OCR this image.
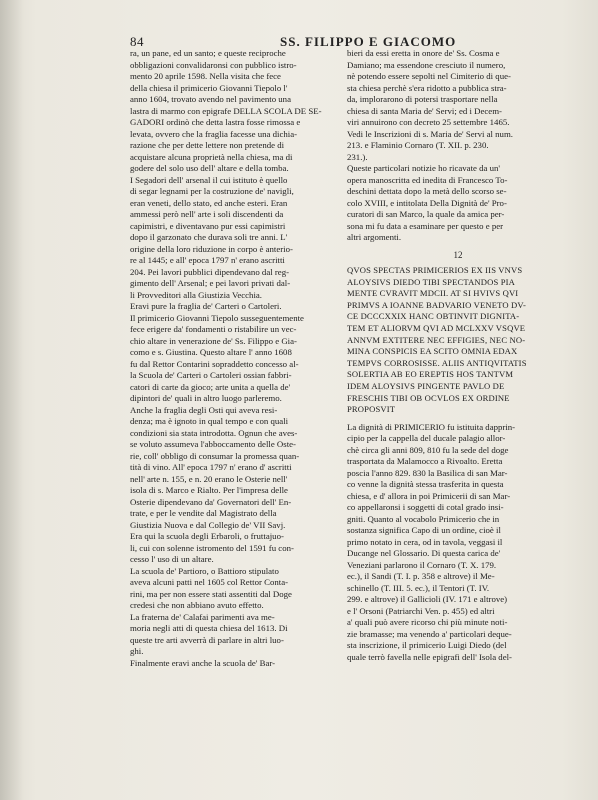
84	SS. FILIPPO E GIACOMO
ra, un pane, ed un santo; e queste reciproche
obbligazioni convalidaronsi con pubblico istro-
mento 20 aprile 1598. Nella visita che fece
della chiesa il primicerio Giovanni Tiepolo l'
anno 1604, trovato avendo nel pavimento una
lastra di marmo con epigrafe DELLA SCOLA DE SE-
GADORI ordinò che detta lastra fosse rimossa e
levata, ovvero che la fraglia facesse una dichia-
razione che per dette lettere non pretende di
acquistare alcuna proprietà nella chiesa, ma di
godere del solo uso dell' altare e della tomba.
I Segadori dell' arsenal il cui istituto è quello
di segar legnami per la costruzione de' navigli,
eran veneti, dello stato, ed anche esteri. Eran
ammessi però nell' arte i soli discendenti da
capimistri, e diventavano pur essi capimistri
dopo il garzonato che durava soli tre anni. L'
origine della loro riduzione in corpo è anterio-
re al 1445; e all' epoca 1797 n' erano ascritti
204. Pei lavori pubblici dipendevano dal reg-
gimento dell' Arsenal; e pei lavori privati dal-
li Provveditori alla Giustizia Vecchia.
Eravi pure la fraglia de' Carteri o Cartoleri.
Il primicerio Giovanni Tiepolo susseguentemente
fece erigere da' fondamenti o ristabilire un vec-
chio altare in venerazione de' Ss. Filippo e Gia-
como e s. Giustina. Questo altare l' anno 1608
fu dal Rettor Contarini sopraddetto concesso al-
la Scuola de' Carteri o Cartoleri ossian fabbri-
catori di carte da gioco; arte unita a quella de'
dipintori de' quali in altro luogo parleremo.
Anche la fraglia degli Osti qui aveva resi-
denza; ma è ignoto in qual tempo e con quali
condizioni sia stata introdotta. Ognun che aves-
se voluto assumeva l'abboccamento delle Oste-
rie, coll' obbligo di consumar la promessa quan-
tità di vino. All' epoca 1797 n' erano d' ascritti
nell' arte n. 155, e n. 20 erano le Osterie nell'
isola di s. Marco e Rialto. Per l'impresa delle
Osterie dipendevano da' Governatori dell' En-
trate, e per le vendite dal Magistrato della
Giustizia Nuova e dal Collegio de' VII Savj.
Era qui la scuola degli Erbaroli, o fruttajuo-
li, cui con solenne istromento del 1591 fu con-
cesso l' uso di un altare.
La scuola de' Partioro, o Battioro stipulato
aveva alcuni patti nel 1605 col Rettor Conta-
rini, ma per non essere stati assentiti dal Doge
credesi che non abbiano avuto effetto.
La fraterna de' Calafai parimenti ava me-
moria negli atti di questa chiesa del 1613. Di
queste tre arti avverrà di parlare in altri luo-
ghi.
Finalmente eravi anche la scuola de' Bar-
bieri da essi eretta in onore de' Ss. Cosma e
Damiano; ma essendone cresciuto il numero,
nè potendo essere sepolti nel Cimiterio di que-
sta chiesa perchè s'era ridotto a pubblica stra-
da, implorarono di potersi trasportare nella
chiesa di santa Maria de' Servi; ed i Decem-
viri annuirono con decreto 25 settembre 1465.
Vedi le Inscrizioni di s. Maria de' Servi al num.
213. e Flaminio Cornaro (T. XII. p. 230.
231.).
Queste particolari notizie ho ricavate da un'
opera manoscritta ed inedita di Francesco To-
deschini dettata dopo la metà dello scorso se-
colo XVIII, e intitolata Della Dignità de' Pro-
curatori di san Marco, la quale da amica per-
sona mi fu data a esaminare per questo e per
altri argomenti.
12
QVOS SPECTAS PRIMICERIOS EX IIS VNVS
ALOYSIVS DIEDO TIBI SPECTANDOS PIA
MENTE CVRAVIT MDCII. AT SI HVIVS QVI
PRIMVS A IOANNE BADVARIO VENETO DV-
CE DCCCXXIX HANC OBTINVIT DIGNITA-
TEM ET ALIORVM QVI AD MCLXXV VSQVE
ANNVM EXTITERE NEC EFFIGIES, NEC NO-
MINA CONSPICIS EA SCITO OMNIA EDAX
TEMPVS CORROSISSE. ALIIS ANTIQVITATIS
SOLERTIA AB EO EREPTIS HOS TANTVM
IDEM ALOYSIVS PINGENTE PAVLO DE
FRESCHIS TIBI OB OCVLOS EX ORDINE
PROPOSVIT
La dignità di PRIMICERIO fu istituita dapprin-
cipio per la cappella del ducale palagio allor-
chè circa gli anni 809, 810 fu la sede del doge
trasportata da Malamocco a Rivoalto. Eretta
poscia l'anno 829. 830 la Basilica di san Mar-
co venne la dignità stessa trasferita in questa
chiesa, e d' allora in poi Primicerii di san Mar-
co appellaronsi i soggetti di cotal grado insi-
gniti. Quanto al vocabolo Primicerio che in
sostanza significa Capo di un ordine, cioè il
primo notato in cera, od in tavola, veggasi il
Ducange nel Glossario. Di questa carica de'
Veneziani parlarono il Cornaro (T. X. 179.
ec.), il Sandi (T. I. p. 358 e altrove) il Me-
schinello (T. III. 5. ec.), il Tentori (T. IV.
299. e altrove) il Gallicioli (IV. 171 e altrove)
e l' Orsoni (Patriarchi Ven. p. 455) ed altri
a' quali può avere ricorso chi più minute noti-
zie bramasse; ma venendo a' particolari deque-
sta inscrizione, il primicerio Luigi Diedo (del
quale terrò favella nelle epigrafi dell' Isola del-
